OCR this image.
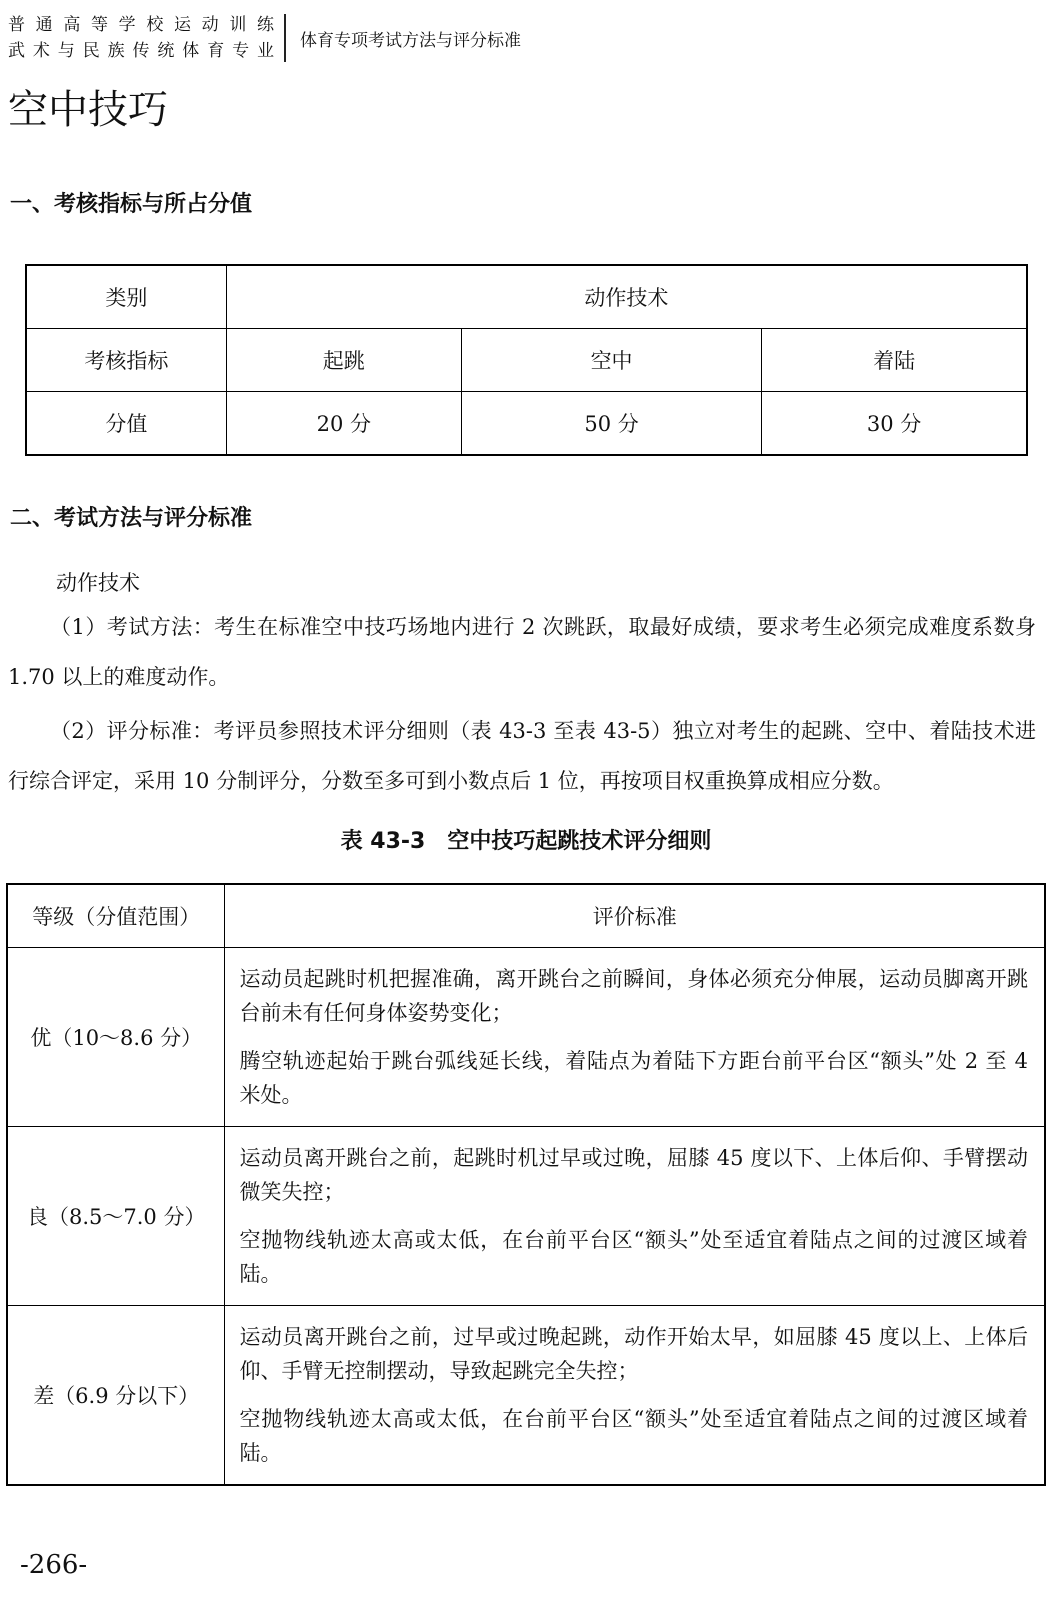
普通高等学校运动训练
武术与民族传统体育专业
体育专项考试方法与评分标准
空中技巧
一、考核指标与所占分值
类别	动作技术		
考核指标	起跳	空中	着陆
分值	20 分	50 分	30 分
二、考试方法与评分标准
动作技术

（1）考试方法：考生在标准空中技巧场地内进行 2 次跳跃，取最好成绩，要求考生必须完成难度系数身 1.70 以上的难度动作。

（2）评分标准：考评员参照技术评分细则（表 43-3 至表 43-5）独立对考生的起跳、空中、着陆技术进行综合评定，采用 10 分制评分，分数至多可到小数点后 1 位，再按项目权重换算成相应分数。

表 43-3　空中技巧起跳技术评分细则
等级（分值范围）	评价标准
优（10～8.6 分）	运动员起跳时机把握准确，离开跳台之前瞬间，身体必须充分伸展，运动员脚离开跳台前未有任何身体姿势变化；

腾空轨迹起始于跳台弧线延长线，着陆点为着陆下方距台前平台区“额头”处 2 至 4 米处。

良（8.5～7.0 分）	运动员离开跳台之前，起跳时机过早或过晚，屈膝 45 度以下、上体后仰、手臂摆动微笑失控；

空抛物线轨迹太高或太低，在台前平台区“额头”处至适宜着陆点之间的过渡区域着陆。

差（6.9 分以下）	运动员离开跳台之前，过早或过晚起跳，动作开始太早，如屈膝 45 度以上、上体后仰、手臂无控制摆动，导致起跳完全失控；

空抛物线轨迹太高或太低，在台前平台区“额头”处至适宜着陆点之间的过渡区域着陆。

-266-
